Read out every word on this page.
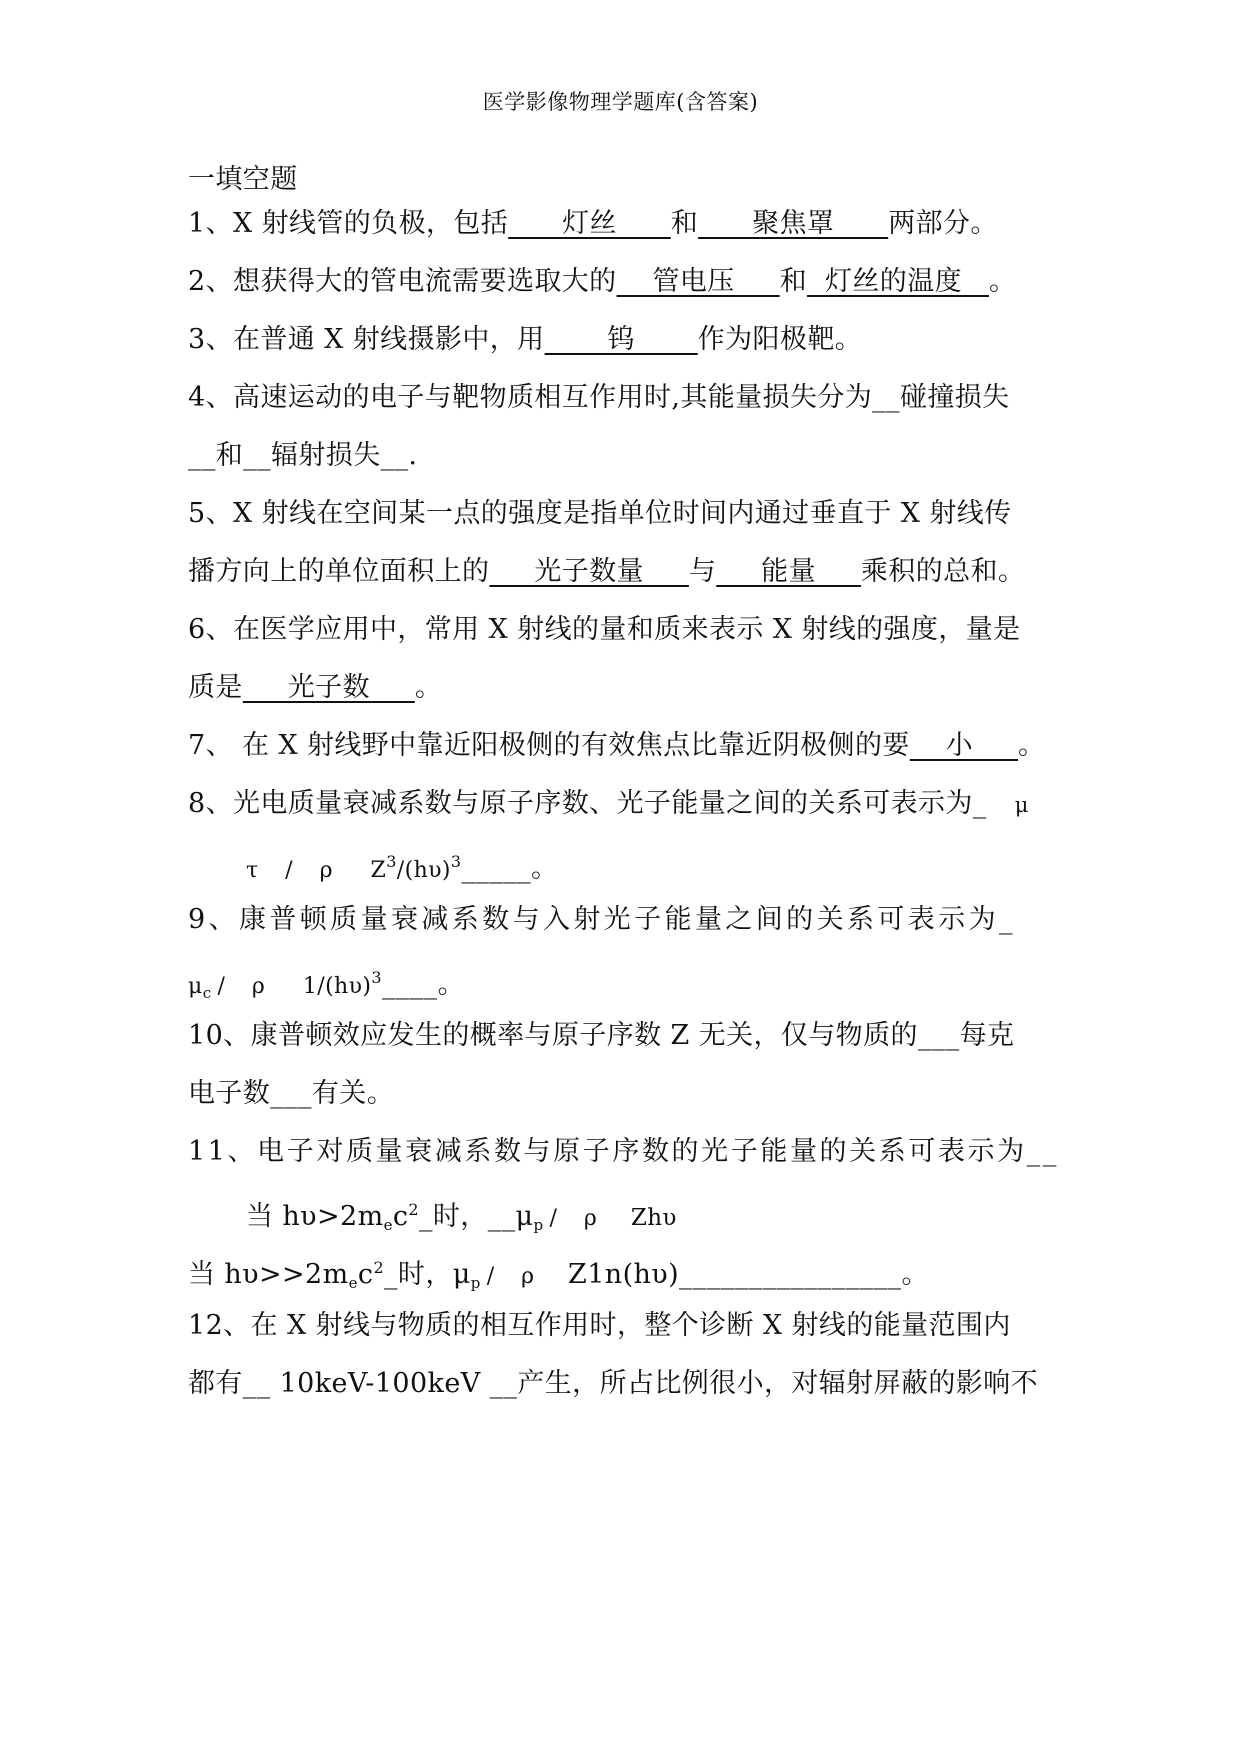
医学影像物理学题库(含答案)
一填空题
1、X 射线管的负极，包括      灯丝      和      聚焦罩      两部分。
2、想获得大的管电流需要选取大的    管电压     和  灯丝的温度   。
3、在普通 X 射线摄影中，用       钨       作为阳极靶。
4、高速运动的电子与靶物质相互作用时,其能量损失分为__碰撞损失
__和__辐射损失__.
5、X 射线在空间某一点的强度是指单位时间内通过垂直于 X 射线传
播方向上的单位面积上的     光子数量     与     能量     乘积的总和。
6、在医学应用中，常用 X 射线的量和质来表示 X 射线的强度，量是
质是     光子数     。
7、 在 X 射线野中靠近阳极侧的有效焦点比靠近阴极侧的要    小     。
8、光电质量衰减系数与原子序数、光子能量之间的关系可表示为_ μ
τ / ρ $Z^3/(h\upsilon)^3\_\_\_\_\_$。
9、康普顿质量衰减系数与入射光子能量之间的关系可表示为_
$\mu_c$ / ρ $1/(h\upsilon)^3\_\_\_\_$。
10、康普顿效应发生的概率与原子序数 Z 无关，仅与物质的___每克
电子数___有关。
11、电子对质量衰减系数与原子序数的光子能量的关系可表示为__
当 $h\upsilon>2m_ec^2\_$时，$\_\_\mu_p$ / ρ Zhυ
当 $h\upsilon>>2m_ec^2\_$时，$\mu_p$ / ρ Z1n(hυ)________________。
12、在 X 射线与物质的相互作用时，整个诊断 X 射线的能量范围内
都有__ 10keV-100keV __产生，所占比例很小，对辐射屏蔽的影响不
